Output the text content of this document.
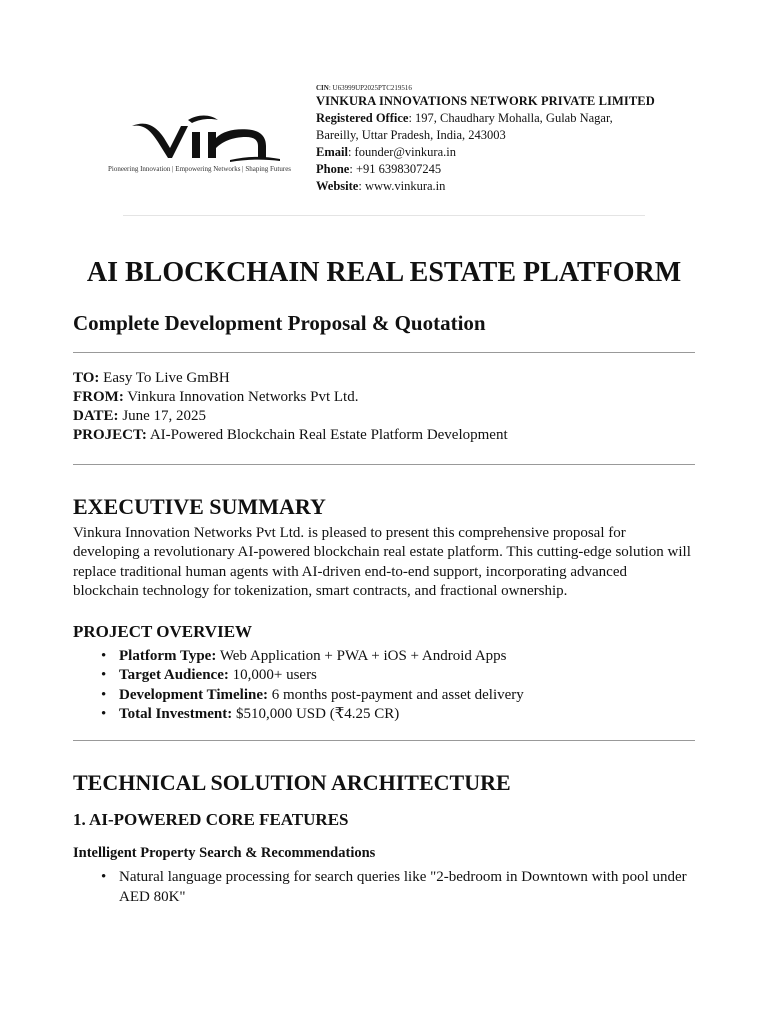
Pioneering Innovation | Empowering Networks | Shaping Futures
CIN: U63999UP2025PTC219516
VINKURA INNOVATIONS NETWORK PRIVATE LIMITED
Registered Office: 197, Chaudhary Mohalla, Gulab Nagar,
Bareilly, Uttar Pradesh, India, 243003
Email: founder@vinkura.in
Phone: +91 6398307245
Website: www.vinkura.in
AI BLOCKCHAIN REAL ESTATE PLATFORM
Complete Development Proposal & Quotation
TO: Easy To Live GmBH
FROM: Vinkura Innovation Networks Pvt Ltd.
DATE: June 17, 2025
PROJECT: AI-Powered Blockchain Real Estate Platform Development
EXECUTIVE SUMMARY

Vinkura Innovation Networks Pvt Ltd. is pleased to present this comprehensive proposal for developing a revolutionary AI-powered blockchain real estate platform. This cutting-edge solution will replace traditional human agents with AI-driven end-to-end support, incorporating advanced blockchain technology for tokenization, smart contracts, and fractional ownership.

PROJECT OVERVIEW
• Platform Type: Web Application + PWA + iOS + Android Apps
• Target Audience: 10,000+ users
• Development Timeline: 6 months post-payment and asset delivery
• Total Investment: $510,000 USD (₹4.25 CR)
TECHNICAL SOLUTION ARCHITECTURE
1. AI-POWERED CORE FEATURES
Intelligent Property Search & Recommendations
• Natural language processing for search queries like "2-bedroom in Downtown with pool under AED 80K"
